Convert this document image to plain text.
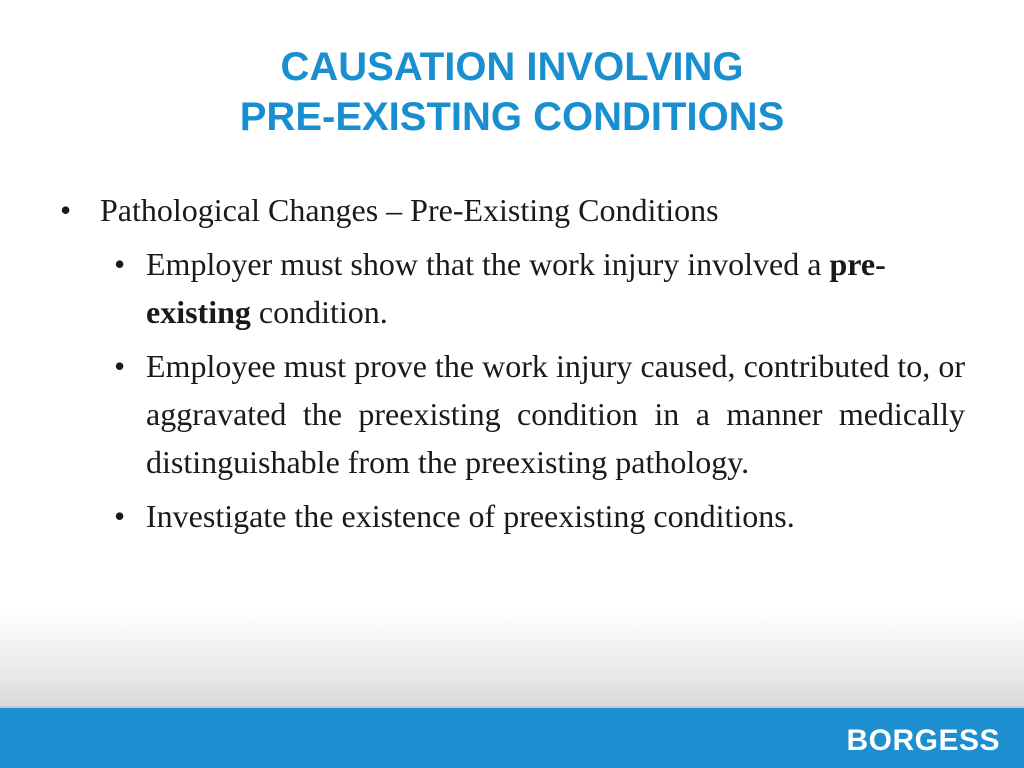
CAUSATION INVOLVING
PRE-EXISTING CONDITIONS
• Pathological Changes – Pre-Existing Conditions
• Employer must show that the work injury involved a pre-existing condition.
• Employee must prove the work injury caused, contributed to, or aggravated the preexisting condition in a manner medically distinguishable from the preexisting pathology.
• Investigate the existence of preexisting conditions.
BORGESS
